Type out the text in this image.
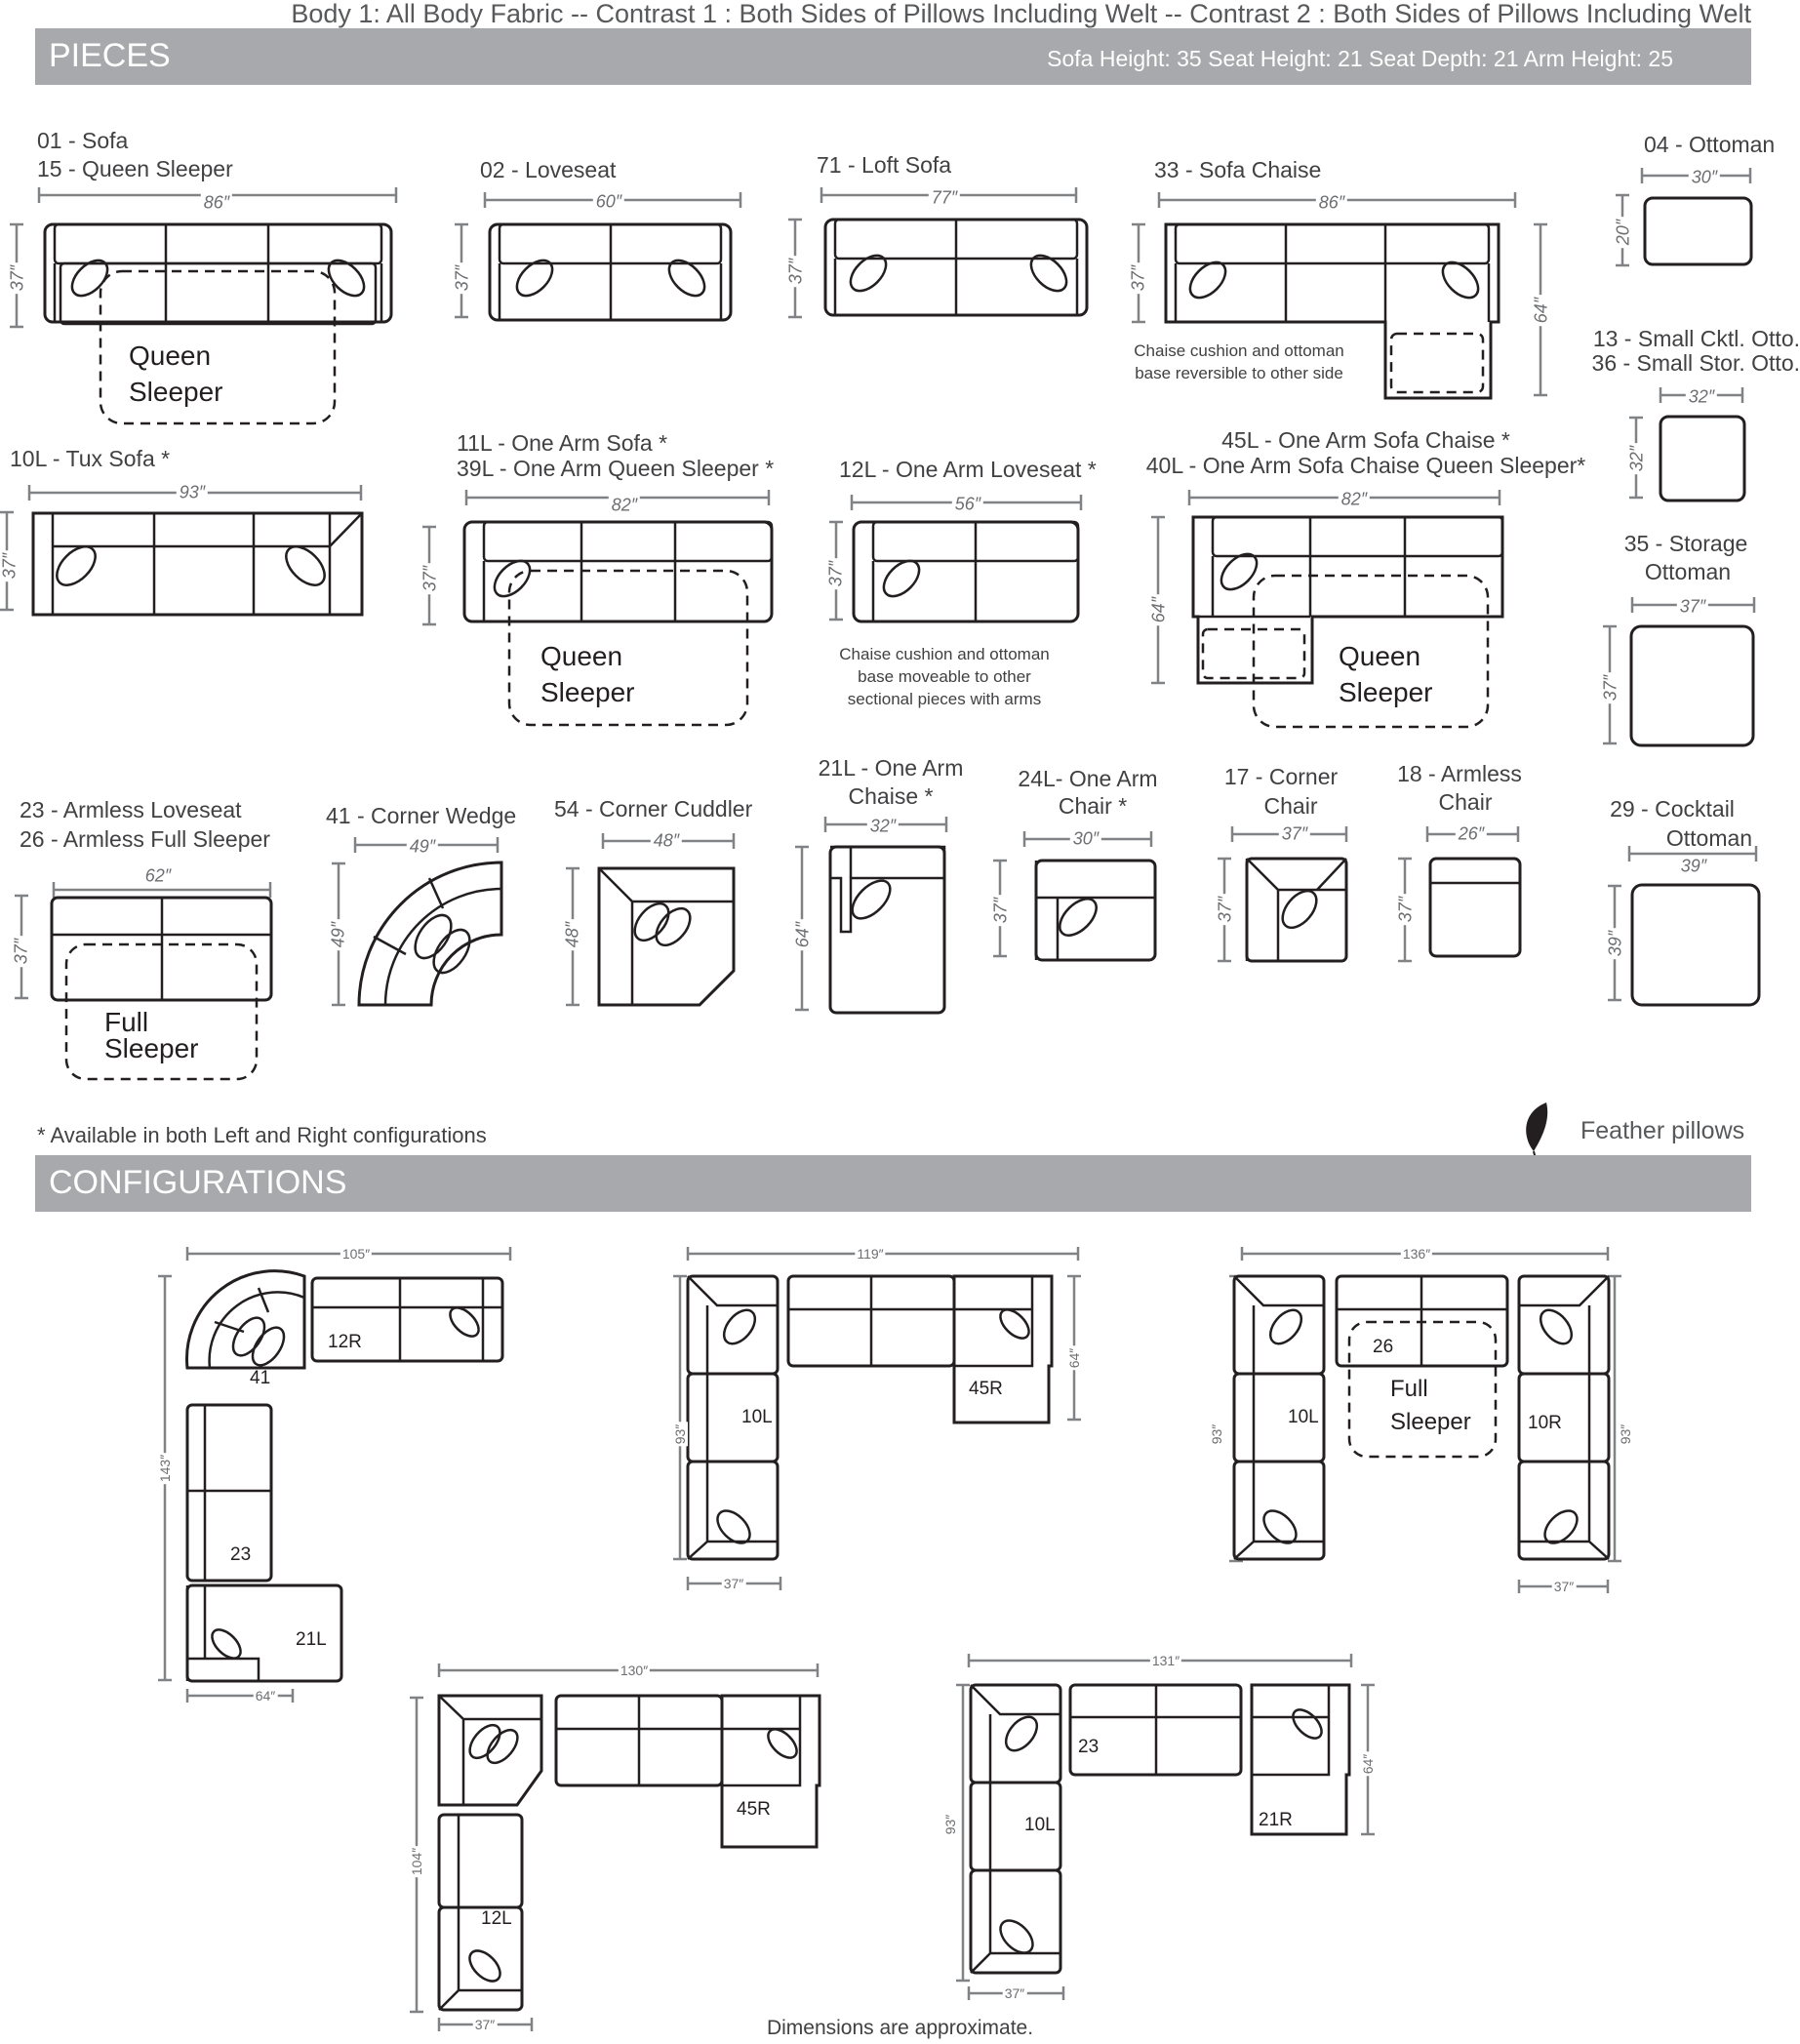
Body 1: All Body Fabric -- Contrast 1 : Both Sides of Pillows Including Welt -- Contrast 2 : Both Sides of Pillows Including Welt
PIECES	Sofa Height: 35 Seat Height: 21 Seat Depth: 21 Arm Height: 25
01 - Sofa
15 - Queen Sleeper
86″
37″
Queen
Sleeper
02 - Loveseat
60″
37″
71 - Loft Sofa
77″
37″
33 - Sofa Chaise
86″
37″
64″
Chaise cushion and ottoman
base reversible to other side
04 - Ottoman
30″
20″
13 - Small Cktl. Otto.
36 - Small Stor. Otto.
32″
32″
10L - Tux Sofa *
93″
37″
11L - One Arm Sofa *
39L - One Arm Queen Sleeper *
82″
37″
Queen
Sleeper
12L - One Arm Loveseat *
56″
37″
Chaise cushion and ottoman
base moveable to other
sectional pieces with arms
45L - One Arm Sofa Chaise *
40L - One Arm Sofa Chaise Queen Sleeper*
82″
64″
Queen
Sleeper
35 - Storage
Ottoman
37″
37″
23 - Armless Loveseat
26 - Armless Full Sleeper
62″
37″
Full
Sleeper
41 - Corner Wedge
49″
49″
54 - Corner Cuddler
48″
48″
21L - One Arm
Chaise *
32″
64″
24L- One Arm
Chair *
30″
37″
17 - Corner
Chair
37″
37″
18 - Armless
Chair
26″
37″
29 - Cocktail
Ottoman
39″
39″
* Available in both Left and Right configurations	Feather pillows
CONFIGURATIONS
105″
143″
64″
41
12R
23
21L
119″
93″
37″
64″
10L
45R
136″
93″	93″
37″
26
Full
Sleeper
10L	10R
130″
104″
37″
45R
12L
131″
93″
37″
64″
23
10L	21R
Dimensions are approximate.
